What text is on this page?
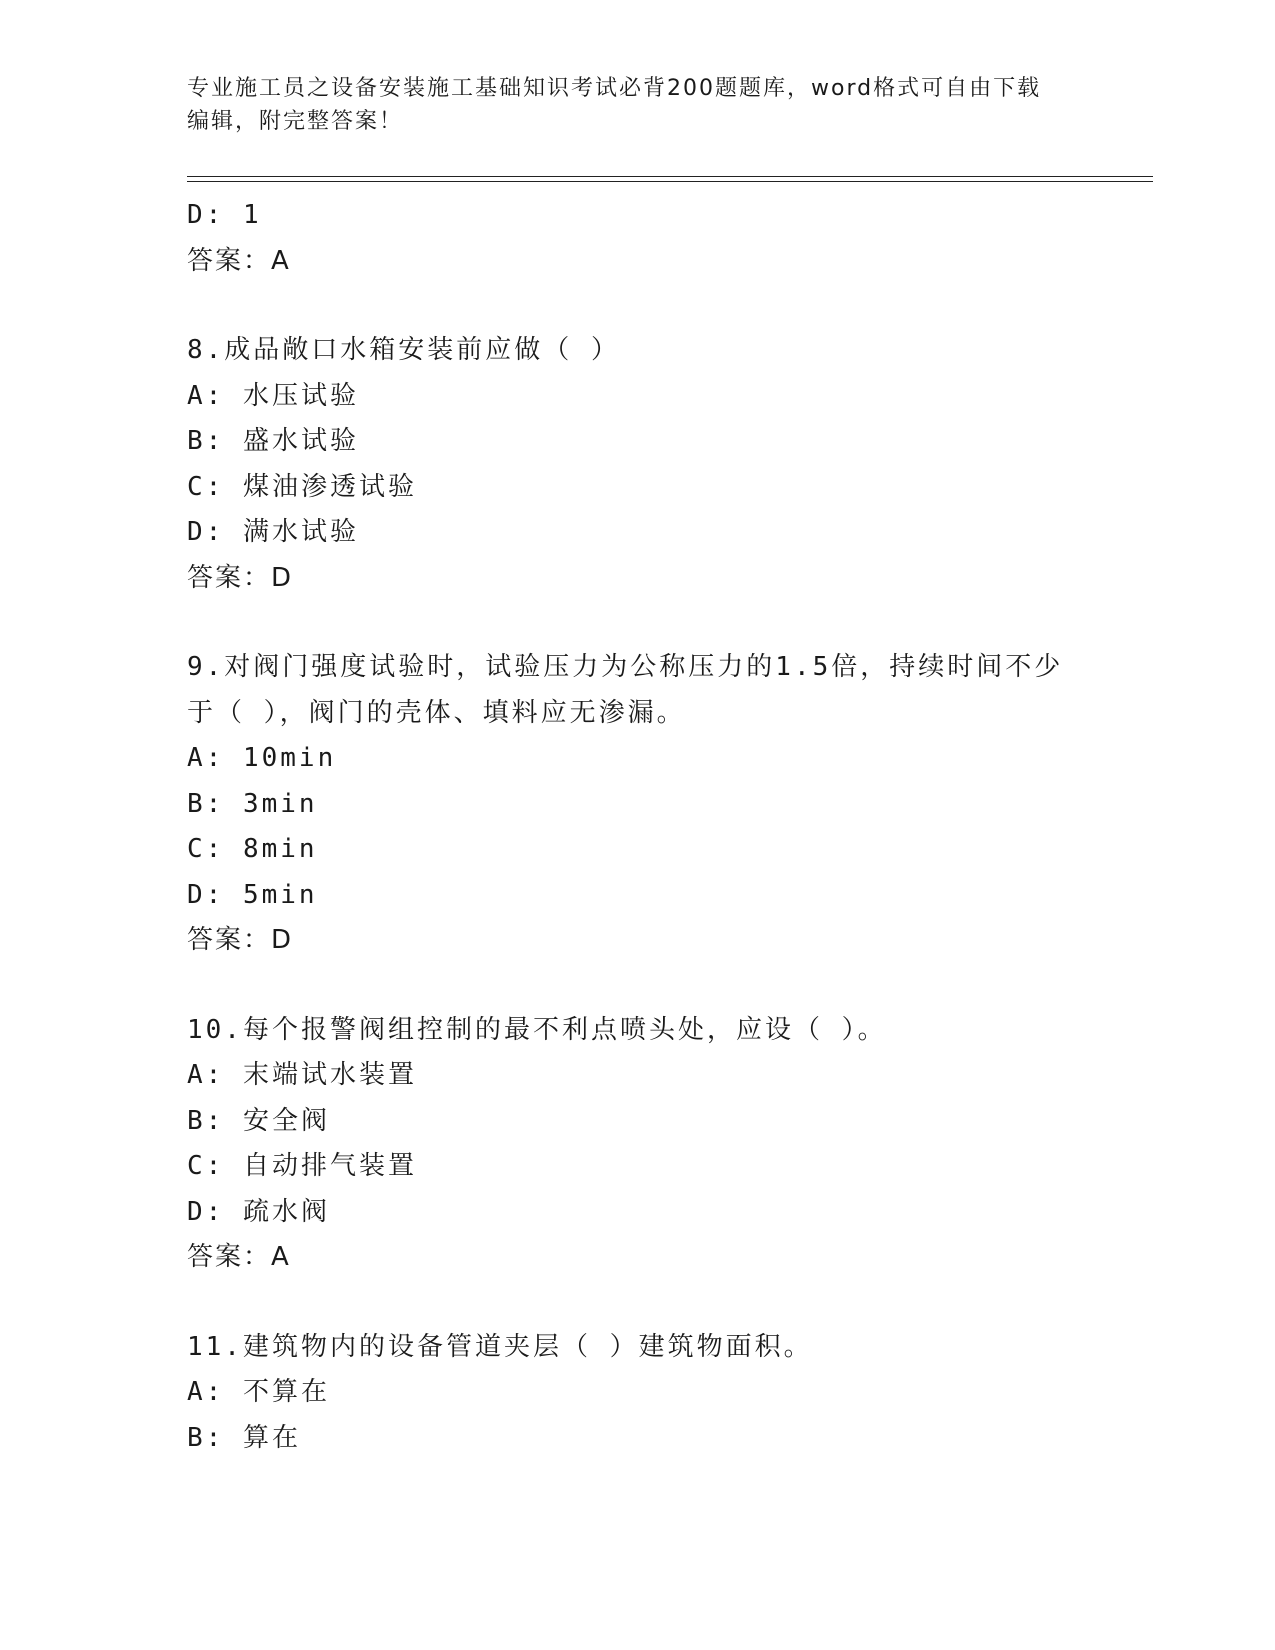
专业施工员之设备安装施工基础知识考试必背200题题库，word格式可自由下载
编辑，附完整答案！
D: 1
答案：A
8.成品敞口水箱安装前应做（ ）
A: 水压试验
B: 盛水试验
C: 煤油渗透试验
D: 满水试验
答案：D
9.对阀门强度试验时，试验压力为公称压力的1.5倍，持续时间不少
于（ ），阀门的壳体、填料应无渗漏。
A: 10min
B: 3min
C: 8min
D: 5min
答案：D
10.每个报警阀组控制的最不利点喷头处，应设（ ）。
A: 末端试水装置
B: 安全阀
C: 自动排气装置
D: 疏水阀
答案：A
11.建筑物内的设备管道夹层（ ）建筑物面积。
A: 不算在
B: 算在
